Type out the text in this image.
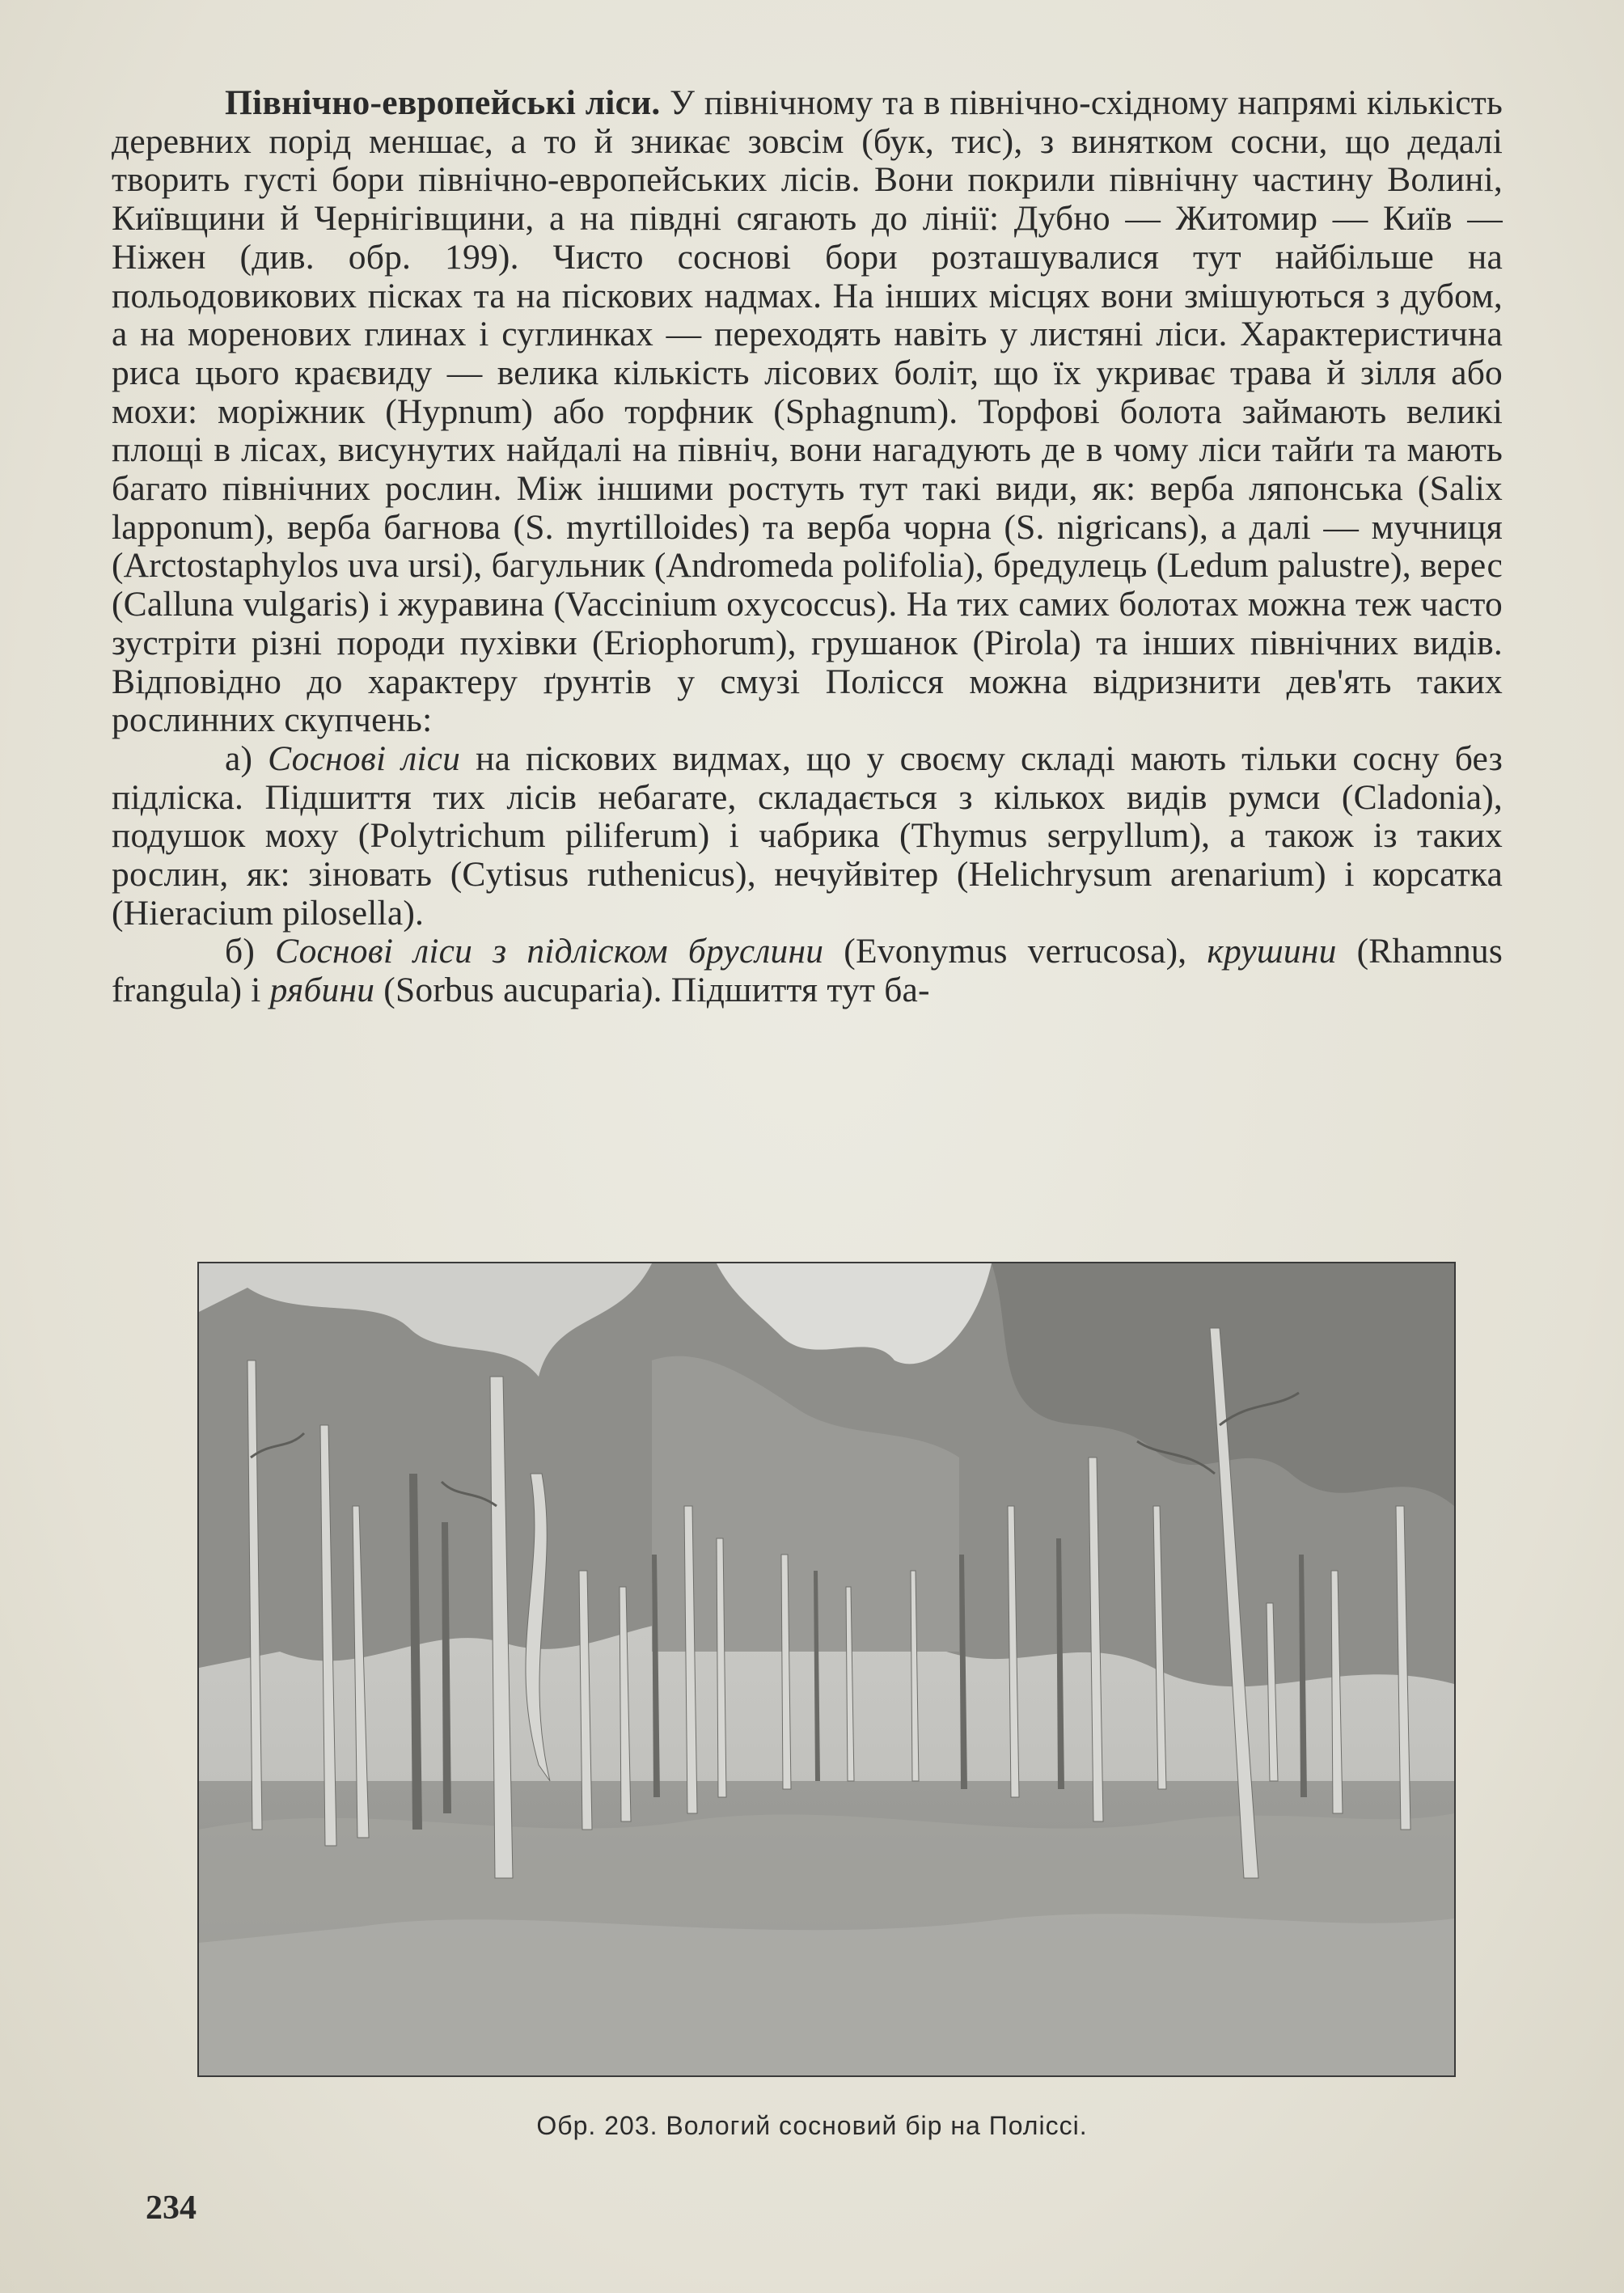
Північно-европейські ліси. У північному та в північно-східному напрямі кількість деревних порід меншає, а то й зникає зовсім (бук, тис), з винятком сосни, що дедалі творить густі бори північно-европейських лісів. Вони покрили північну частину Волині, Київщини й Чернігівщини, а на півдні сягають до лінії: Дубно — Житомир — Київ — Ніжен (див. обр. 199). Чисто соснові бори розташувалися тут найбільше на польодовикових пісках та на піскових надмах. На інших місцях вони змішуються з дубом, а на моренових глинах і суглинках — переходять навіть у листяні ліси. Характеристична риса цього краєвиду — велика кількість лісових боліт, що їх укриває трава й зілля або мохи: моріжник (Hypnum) або торфник (Sphagnum). Торфові болота займають великі площі в лісах, висунутих найдалі на північ, вони нагадують де в чому ліси тайґи та мають багато північних рослин. Між іншими ростуть тут такі види, як: верба ляпонська (Salix lapponum), верба багнова (S. myrtilloides) та верба чорна (S. nigricans), а далі — мучниця (Arctostaphylos uva ursi), багульник (Andromeda polifolia), бредулець (Ledum palustre), верес (Calluna vulgaris) і журавина (Vaccinium oxycoccus). На тих самих болотах можна теж часто зустріти різні породи пухівки (Eriophorum), грушанок (Pirola) та інших північних видів. Відповідно до характеру ґрунтів у смузі Полісся можна відризнити дев'ять таких рослинних скупчень:

а) Соснові ліси на піскових видмах, що у своєму складі мають тільки сосну без підліска. Підшиття тих лісів небагате, складається з кількох видів румси (Cladonia), подушок моху (Polytrichum piliferum) і чабрика (Thymus serpyllum), а також із таких рослин, як: зіновать (Cytisus ruthenicus), нечуйвітер (Helichrysum arenarium) і корсатка (Hieracium pilosella).

б) Соснові ліси з підліском бруслини (Evonymus verrucosa), крушини (Rhamnus frangula) і рябини (Sorbus aucuparia). Підшиття тут ба-

Обр. 203. Вологий сосновий бір на Поліссі.
234
